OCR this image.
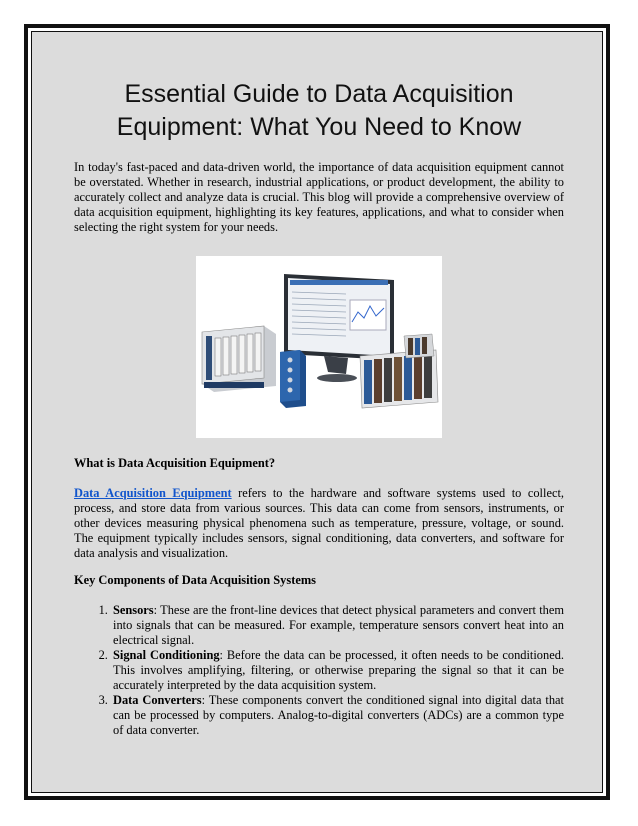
Essential Guide to Data Acquisition Equipment: What You Need to Know

In today's fast-paced and data-driven world, the importance of data acquisition equipment cannot be overstated. Whether in research, industrial applications, or product development, the ability to accurately collect and analyze data is crucial. This blog will provide a comprehensive overview of data acquisition equipment, highlighting its key features, applications, and what to consider when selecting the right system for your needs.

What is Data Acquisition Equipment?

Data Acquisition Equipment refers to the hardware and software systems used to collect, process, and store data from various sources. This data can come from sensors, instruments, or other devices measuring physical phenomena such as temperature, pressure, voltage, or sound. The equipment typically includes sensors, signal conditioning, data converters, and software for data analysis and visualization.

Key Components of Data Acquisition Systems
1. Sensors: These are the front-line devices that detect physical parameters and convert them into signals that can be measured. For example, temperature sensors convert heat into an electrical signal.
2. Signal Conditioning: Before the data can be processed, it often needs to be conditioned. This involves amplifying, filtering, or otherwise preparing the signal so that it can be accurately interpreted by the data acquisition system.
3. Data Converters: These components convert the conditioned signal into digital data that can be processed by computers. Analog-to-digital converters (ADCs) are a common type of data converter.
